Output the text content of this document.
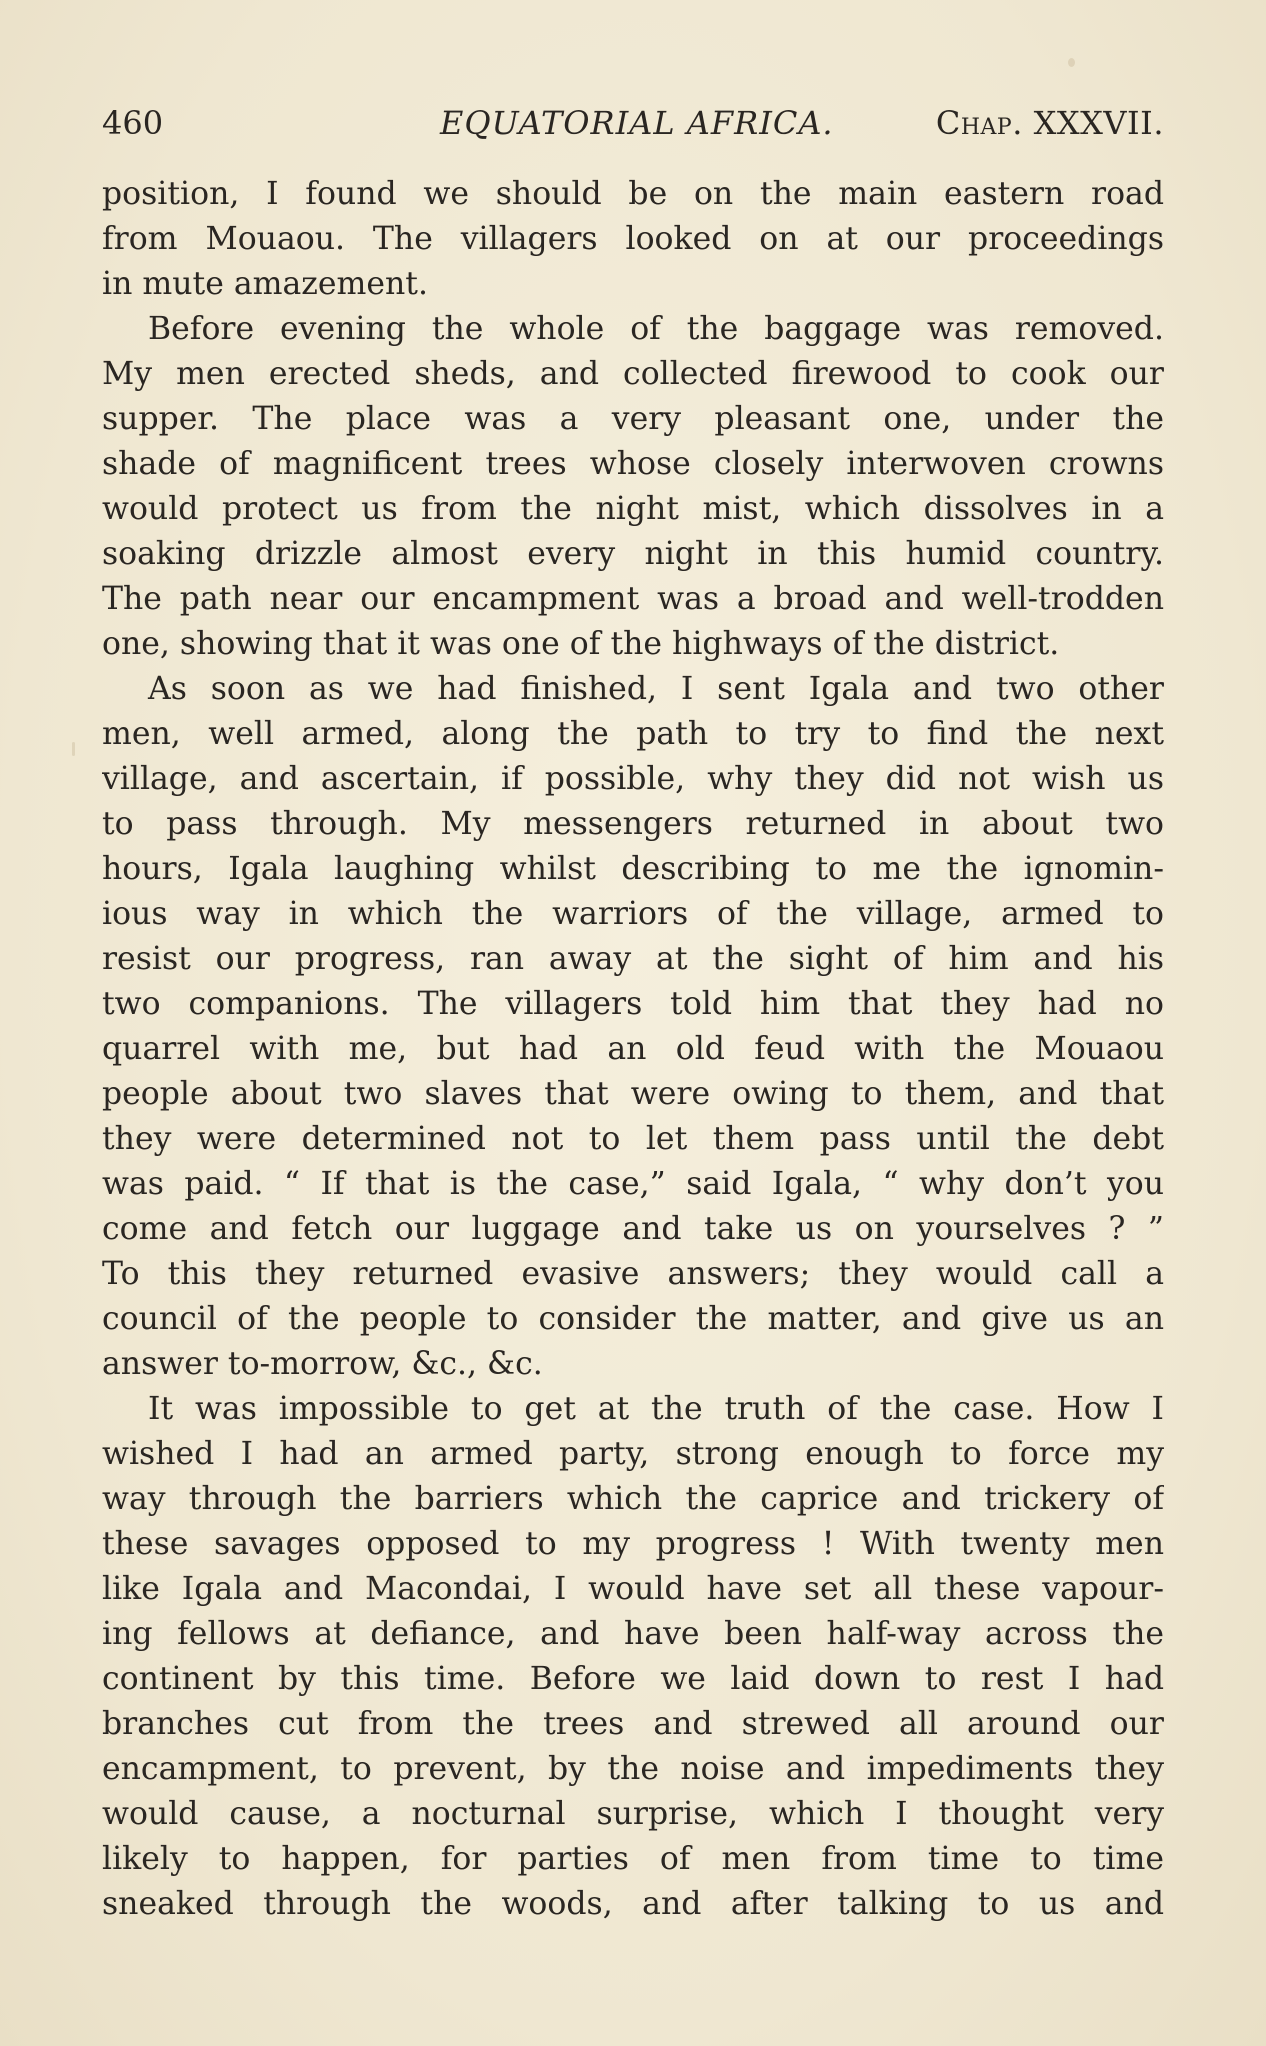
460	EQUATORIAL AFRICA.	Chap. XXXVII.
position, I found we should be on the main eastern road
from Mouaou. The villagers looked on at our proceedings
in mute amazement.
Before evening the whole of the baggage was removed.
My men erected sheds, and collected firewood to cook our
supper. The place was a very pleasant one, under the
shade of magnificent trees whose closely interwoven crowns
would protect us from the night mist, which dissolves in a
soaking drizzle almost every night in this humid country.
The path near our encampment was a broad and well-trodden
one, showing that it was one of the highways of the district.
As soon as we had finished, I sent Igala and two other
men, well armed, along the path to try to find the next
village, and ascertain, if possible, why they did not wish us
to pass through. My messengers returned in about two
hours, Igala laughing whilst describing to me the ignomin-
ious way in which the warriors of the village, armed to
resist our progress, ran away at the sight of him and his
two companions. The villagers told him that they had no
quarrel with me, but had an old feud with the Mouaou
people about two slaves that were owing to them, and that
they were determined not to let them pass until the debt
was paid. “ If that is the case,” said Igala, “ why don’t you
come and fetch our luggage and take us on yourselves ? ”
To this they returned evasive answers; they would call a
council of the people to consider the matter, and give us an
answer to-morrow, &c., &c.
It was impossible to get at the truth of the case. How I
wished I had an armed party, strong enough to force my
way through the barriers which the caprice and trickery of
these savages opposed to my progress ! With twenty men
like Igala and Macondai, I would have set all these vapour-
ing fellows at defiance, and have been half-way across the
continent by this time. Before we laid down to rest I had
branches cut from the trees and strewed all around our
encampment, to prevent, by the noise and impediments they
would cause, a nocturnal surprise, which I thought very
likely to happen, for parties of men from time to time
sneaked through the woods, and after talking to us and
